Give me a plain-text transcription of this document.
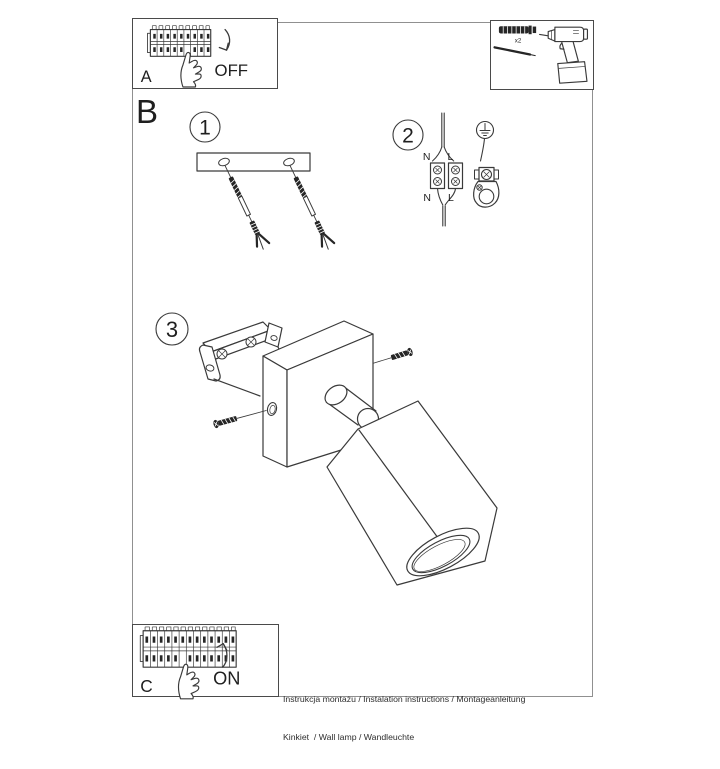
OFF
A
x2
B 1	2
N L
N L
3
ON
C

Instrukcja montażu / Instalation instructions / Montageanleitung

Kinkiet  / Wall lamp / Wandleuchte
